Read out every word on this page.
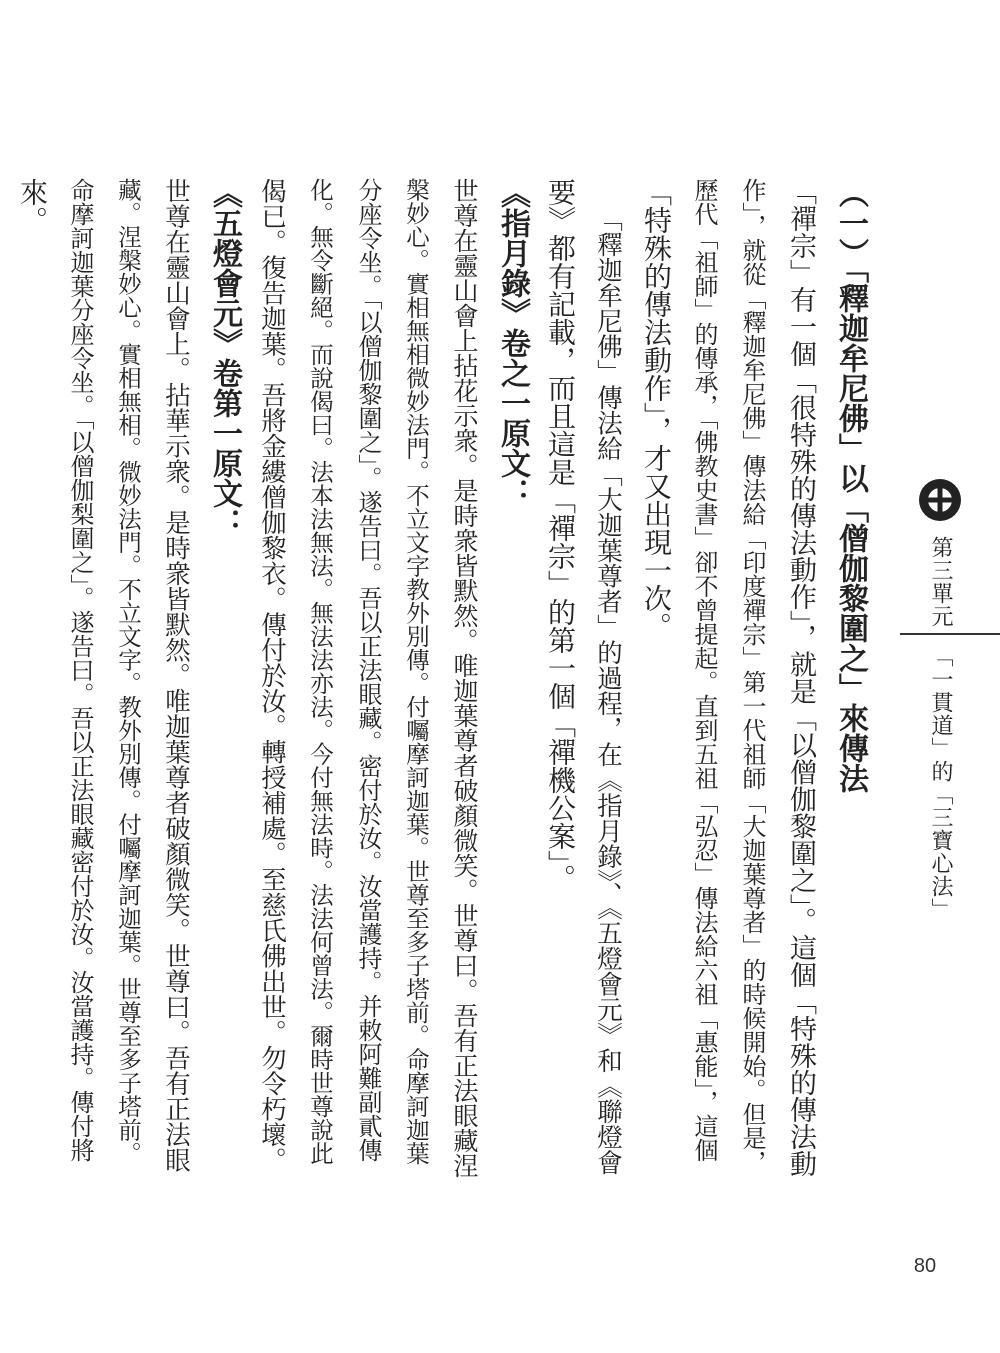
第三單元
「一貫道」的「三寶心法」
80
（一）「釋迦牟尼佛」以「僧伽黎圍之」來傳法
「禪宗」有一個「很特殊的傳法動作」，就是「以僧伽黎圍之」。這個「特殊的傳法動
作」，就從「釋迦牟尼佛」傳法給「印度禪宗」第一代祖師「大迦葉尊者」的時候開始。但是，
歷代「祖師」的傳承，「佛教史書」卻不曾提起。直到五祖「弘忍」傳法給六祖「惠能」，這個
「特殊的傳法動作」，才又出現一次。
「釋迦牟尼佛」傳法給「大迦葉尊者」的過程，在《指月錄》、《五燈會元》和《聯燈會
要》都有記載，而且這是「禪宗」的第一個「禪機公案」。
《指月錄》卷之一原文：
世尊在靈山會上拈花示衆。是時衆皆默然。唯迦葉尊者破顏微笑。世尊曰。吾有正法眼藏涅
槃妙心。實相無相微妙法門。不立文字教外別傳。付囑摩訶迦葉。世尊至多子塔前。命摩訶迦葉
分座令坐。「以僧伽黎圍之」。遂告曰。吾以正法眼藏。密付於汝。汝當護持。并敕阿難副貳傳
化。無令斷絕。而說偈曰。法本法無法。無法法亦法。今付無法時。法法何曾法。爾時世尊說此
偈已。復告迦葉。吾將金縷僧伽黎衣。傳付於汝。轉授補處。至慈氏佛出世。勿令朽壞。
《五燈會元》卷第一原文：
世尊在靈山會上。拈華示衆。是時衆皆默然。唯迦葉尊者破顏微笑。世尊曰。吾有正法眼
藏。涅槃妙心。實相無相。微妙法門。不立文字。教外別傳。付囑摩訶迦葉。世尊至多子塔前。
命摩訶迦葉分座令坐。「以僧伽梨圍之」。遂告曰。吾以正法眼藏密付於汝。汝當護持。傳付將
來。
